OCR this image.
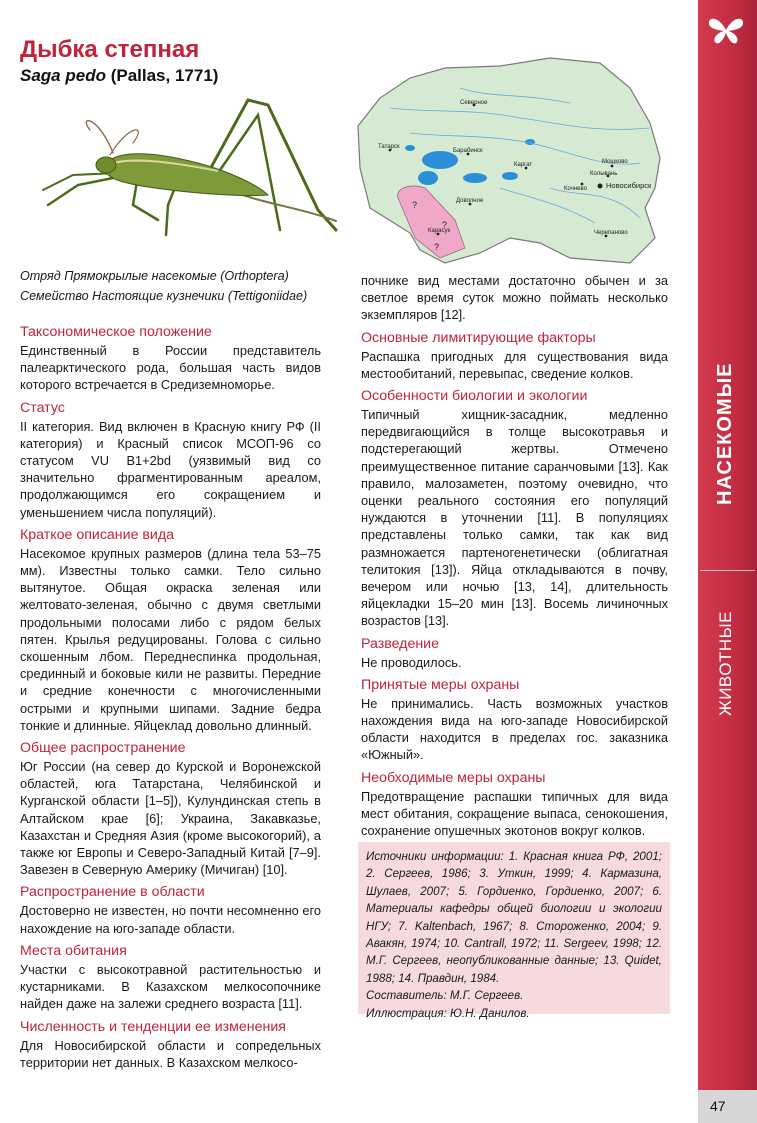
Дыбка степная
Saga pedo (Pallas, 1771)
Северное
Татарск
Барабинск
Каргат
Доволное
Карасук
Мошково
Колывань
Кочнево	Новосибирск
Черепаново
?
?
?
Отряд Прямокрылые насекомые (Orthoptera)
Семейство Настоящие кузнечики (Tettigoniidae)
Таксономическое положение

Единственный в России представитель палеарктического рода, большая часть видов которого встречается в Средиземноморье.

Статус

II категория. Вид включен в Красную книгу РФ (II категория) и Красный список МСОП-96 со статусом VU B1+2bd (уязвимый вид со значительно фрагментированным ареалом, продолжающимся его сокращением и уменьшением числа популяций).

Краткое описание вида

Насекомое крупных размеров (длина тела 53–75 мм). Известны только самки. Тело сильно вытянутое. Общая окраска зеленая или желтовато-зеленая, обычно с двумя светлыми продольными полосами либо с рядом белых пятен. Крылья редуцированы. Голова с сильно скошенным лбом. Переднеспинка продольная, срединный и боковые кили не развиты. Передние и средние конечности с многочисленными острыми и крупными шипами. Задние бедра тонкие и длинные. Яйцеклад довольно длинный.

Общее распространение

Юг России (на север до Курской и Воронежской областей, юга Татарстана, Челябинской и Курганской области [1–5]), Кулундинская степь в Алтайском крае [6]; Украина, Закавказье, Казахстан и Средняя Азия (кроме высокогорий), а также юг Европы и Северо-Западный Китай [7–9]. Завезен в Северную Америку (Мичиган) [10].

Распространение в области

Достоверно не известен, но почти несомненно его нахождение на юго-западе области.

Места обитания

Участки с высокотравной растительностью и кустарниками. В Казахском мелкосопочнике найден даже на залежи среднего возраста [11].

Численность и тенденции ее изменения

Для Новосибирской области и сопредельных территории нет данных. В Казахском мелкосо-

почнике вид местами достаточно обычен и за светлое время суток можно поймать несколько экземпляров [12].

Основные лимитирующие факторы

Распашка пригодных для существования вида местообитаний, перевыпас, сведение колков.

Особенности биологии и экологии

Типичный хищник-засадник, медленно передвигающийся в толще высокотравья и подстерегающий жертвы. Отмечено преимущественное питание саранчовыми [13]. Как правило, малозаметен, поэтому очевидно, что оценки реального состояния его популяций нуждаются в уточнении [11]. В популяциях представлены только самки, так как вид размножается партеногенетически (облигатная телитокия [13]). Яйца откладываются в почву, вечером или ночью [13, 14], длительность яйцекладки 15–20 мин [13]. Восемь личиночных возрастов [13].

Разведение

Не проводилось.

Принятые меры охраны

Не принимались. Часть возможных участков нахождения вида на юго-западе Новосибирской области находится в пределах гос. заказника «Южный».

Необходимые меры охраны

Предотвращение распашки типичных для вида мест обитания, сокращение выпаса, сенокошения, сохранение опушечных экотонов вокруг колков.

Источники информации: 1. Красная книга РФ, 2001; 2. Сергеев, 1986; 3. Уткин, 1999; 4. Кармазина, Шулаев, 2007; 5. Гордиенко, Гордиенко, 2007; 6. Материалы кафедры общей биологии и экологии НГУ; 7. Kaltenbach, 1967; 8. Стороженко, 2004; 9. Авакян, 1974; 10. Cantrall, 1972; 11. Sergeev, 1998; 12. М.Г. Сергеев, неопубликованные данные; 13. Quidet, 1988; 14. Правдин, 1984.

Составитель: М.Г. Сергеев.

Иллюстрация: Ю.Н. Данилов.

НАСЕКОМЫЕ
ЖИВОТНЫЕ
47
